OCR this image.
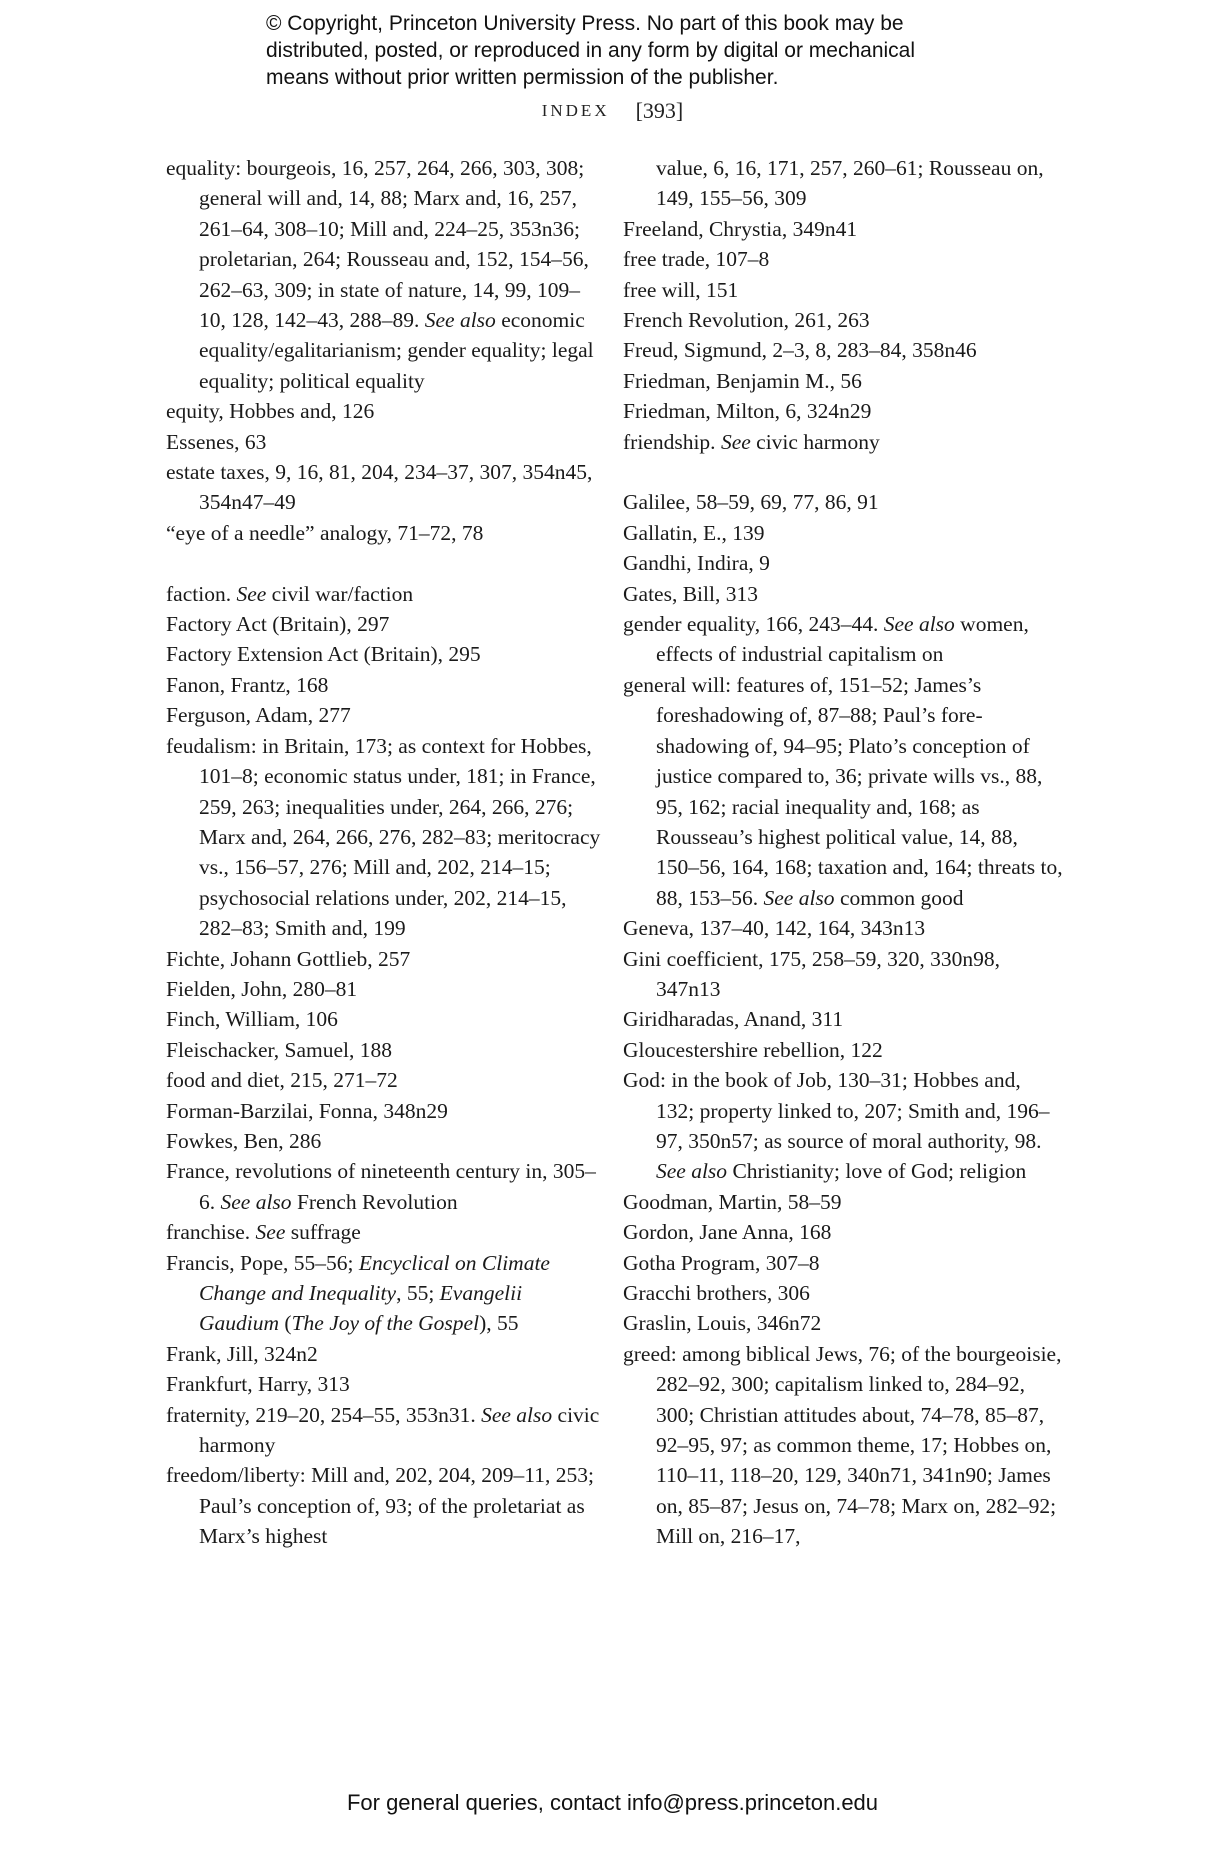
© Copyright, Princeton University Press. No part of this book may be
distributed, posted, or reproduced in any form by digital or mechanical
means without prior written permission of the publisher.
INDEX [393]
equality: bourgeois, 16, 257, 264, 266, 303, 308; general will and, 14, 88; Marx and, 16, 257, 261–64, 308–10; Mill and, 224–25, 353n36; proletarian, 264; Rousseau and, 152, 154–56, 262–63, 309; in state of nature, 14, 99, 109–10, 128, 142–43, 288–89. See also economic equality/egalitarianism; gender equality; legal equality; political equality
equity, Hobbes and, 126
Essenes, 63
estate taxes, 9, 16, 81, 204, 234–37, 307, 354n45, 354n47–49
“eye of a needle” analogy, 71–72, 78
faction. See civil war/faction
Factory Act (Britain), 297
Factory Extension Act (Britain), 295
Fanon, Frantz, 168
Ferguson, Adam, 277
feudalism: in Britain, 173; as context for Hobbes, 101–8; economic status under, 181; in France, 259, 263; inequalities under, 264, 266, 276; Marx and, 264, 266, 276, 282–83; meritocracy vs., 156–57, 276; Mill and, 202, 214–15; psychosocial relations under, 202, 214–15, 282–83; Smith and, 199
Fichte, Johann Gottlieb, 257
Fielden, John, 280–81
Finch, William, 106
Fleischacker, Samuel, 188
food and diet, 215, 271–72
Forman-Barzilai, Fonna, 348n29
Fowkes, Ben, 286
France, revolutions of nineteenth century in, 305–6. See also French Revolution
franchise. See suffrage
Francis, Pope, 55–56; Encyclical on Climate Change and Inequality, 55; Evangelii Gaudium (The Joy of the Gospel), 55
Frank, Jill, 324n2
Frankfurt, Harry, 313
fraternity, 219–20, 254–55, 353n31. See also civic harmony
freedom/liberty: Mill and, 202, 204, 209–11, 253; Paul’s conception of, 93; of the proletariat as Marx’s highest
value, 6, 16, 171, 257, 260–61; Rousseau on, 149, 155–56, 309
Freeland, Chrystia, 349n41
free trade, 107–8
free will, 151
French Revolution, 261, 263
Freud, Sigmund, 2–3, 8, 283–84, 358n46
Friedman, Benjamin M., 56
Friedman, Milton, 6, 324n29
friendship. See civic harmony
Galilee, 58–59, 69, 77, 86, 91
Gallatin, E., 139
Gandhi, Indira, 9
Gates, Bill, 313
gender equality, 166, 243–44. See also women, effects of industrial capitalism on
general will: features of, 151–52; James’s foreshadowing of, 87–88; Paul’s foreshadowing of, 94–95; Plato’s conception of justice compared to, 36; private wills vs., 88, 95, 162; racial inequality and, 168; as Rousseau’s highest political value, 14, 88, 150–56, 164, 168; taxation and, 164; threats to, 88, 153–56. See also common good
Geneva, 137–40, 142, 164, 343n13
Gini coefficient, 175, 258–59, 320, 330n98, 347n13
Giridharadas, Anand, 311
Gloucestershire rebellion, 122
God: in the book of Job, 130–31; Hobbes and, 132; property linked to, 207; Smith and, 196–97, 350n57; as source of moral authority, 98. See also Christianity; love of God; religion
Goodman, Martin, 58–59
Gordon, Jane Anna, 168
Gotha Program, 307–8
Gracchi brothers, 306
Graslin, Louis, 346n72
greed: among biblical Jews, 76; of the bourgeoisie, 282–92, 300; capitalism linked to, 284–92, 300; Christian attitudes about, 74–78, 85–87, 92–95, 97; as common theme, 17; Hobbes on, 110–11, 118–20, 129, 340n71, 341n90; James on, 85–87; Jesus on, 74–78; Marx on, 282–92; Mill on, 216–17,
For general queries, contact info@press.princeton.edu
